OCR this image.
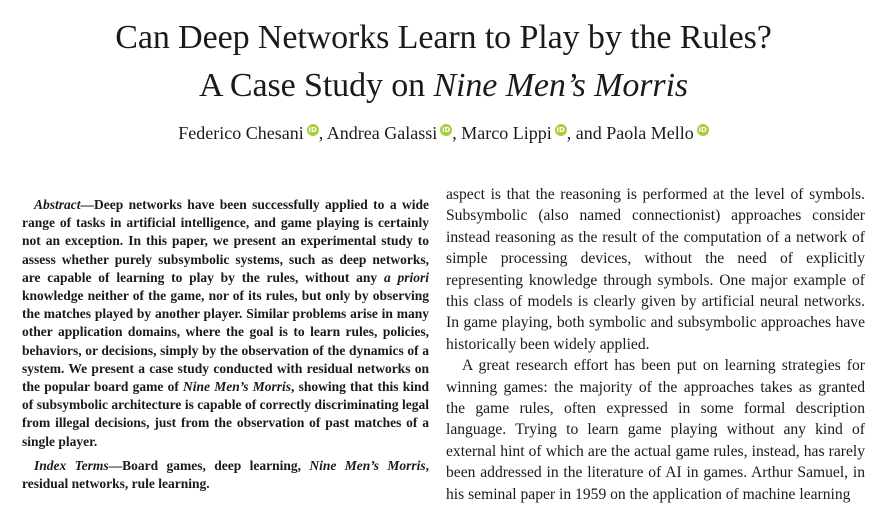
Can Deep Networks Learn to Play by the Rules?
A Case Study on Nine Men’s Morris
Federico Chesani iD , Andrea Galassi iD , Marco Lippi iD , and Paola Mello iD

Abstract—Deep networks have been successfully applied to a wide range of tasks in artificial intelligence, and game playing is certainly not an exception. In this paper, we present an experimental study to assess whether purely subsymbolic systems, such as deep networks, are capable of learning to play by the rules, without any a priori knowledge neither of the game, nor of its rules, but only by observing the matches played by another player. Similar problems arise in many other application domains, where the goal is to learn rules, policies, behaviors, or decisions, simply by the observation of the dynamics of a system. We present a case study conducted with residual networks on the popular board game of Nine Men’s Morris, showing that this kind of subsymbolic architecture is capable of correctly discriminating legal from illegal decisions, just from the observation of past matches of a single player.

Index Terms—Board games, deep learning, Nine Men’s Morris, residual networks, rule learning.

aspect is that the reasoning is performed at the level of symbols. Subsymbolic (also named connectionist) approaches consider instead reasoning as the result of the computation of a network of simple processing devices, without the need of explicitly representing knowledge through symbols. One major example of this class of models is clearly given by artificial neural networks. In game playing, both symbolic and subsymbolic approaches have historically been widely applied.

A great research effort has been put on learning strategies for winning games: the majority of the approaches takes as granted the game rules, often expressed in some formal description language. Trying to learn game playing without any kind of external hint of which are the actual game rules, instead, has rarely been addressed in the literature of AI in games. Arthur Samuel, in his seminal paper in 1959 on the application of machine learning
